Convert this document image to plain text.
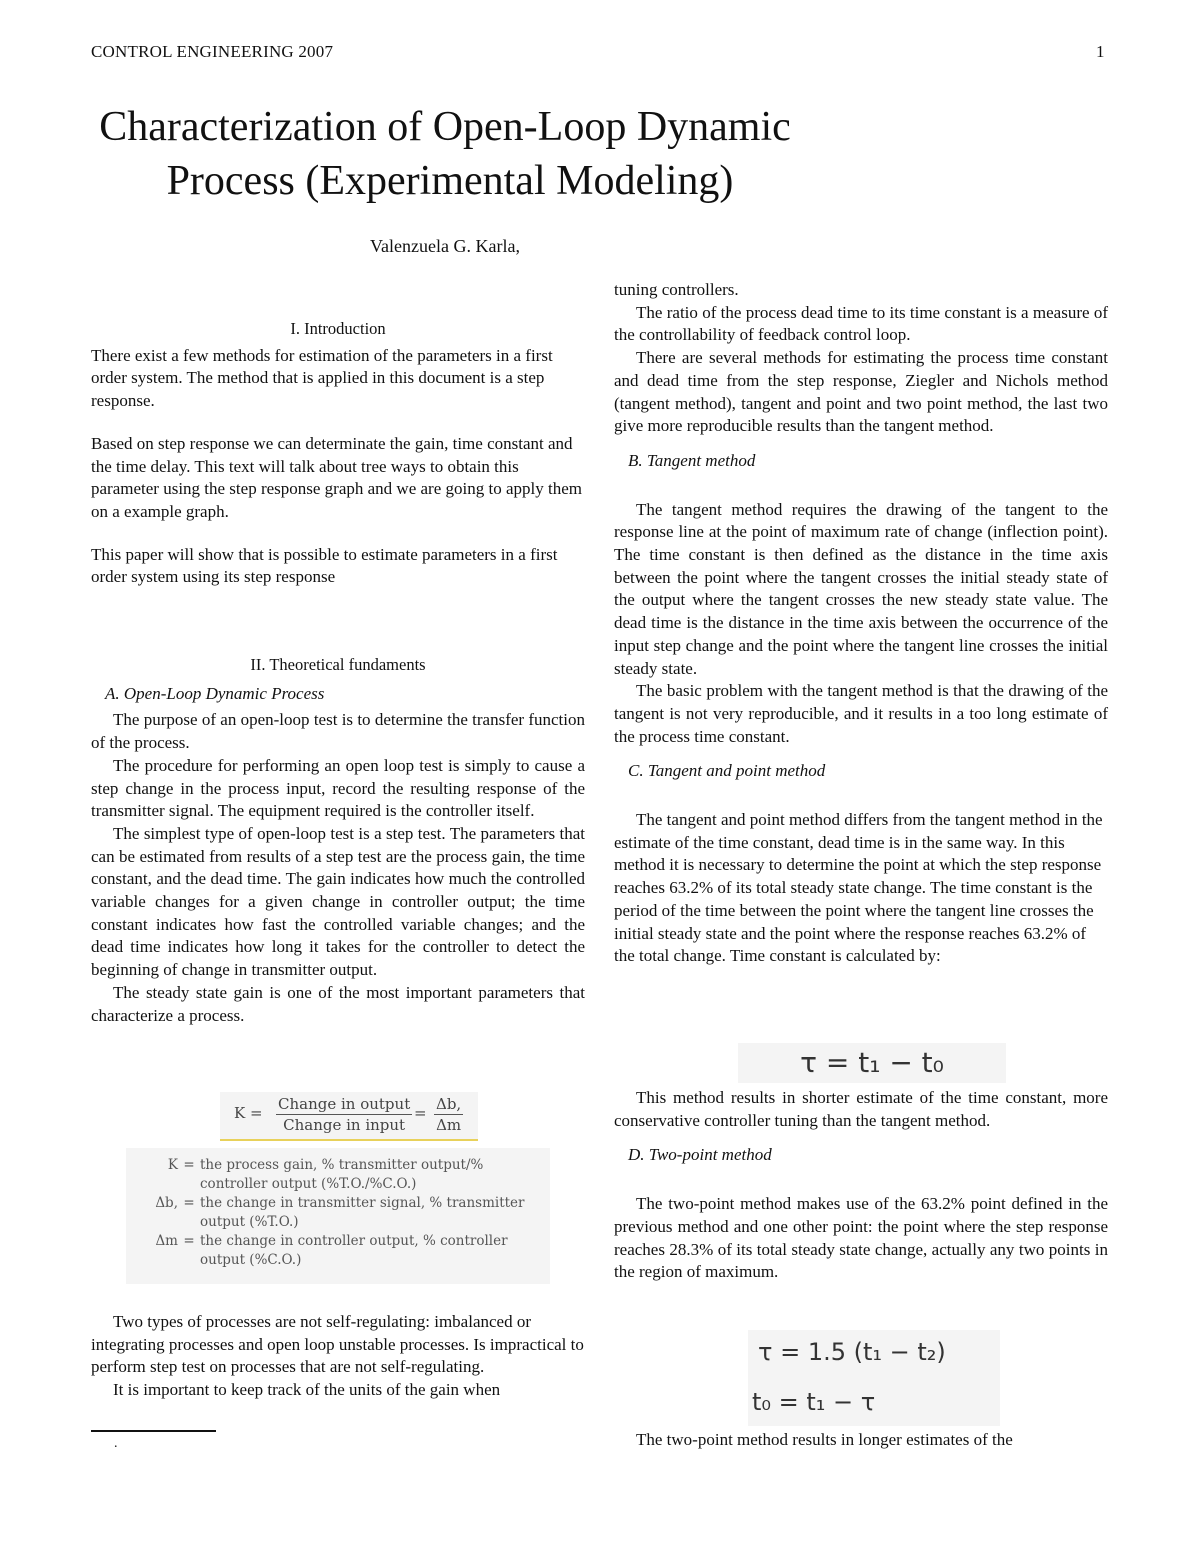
CONTROL ENGINEERING 2007	1
Characterization of Open-Loop Dynamic
Process (Experimental Modeling)
Valenzuela G. Karla,

I. Introduction

There exist a few methods for estimation of the parameters in a first order system. The method that is applied in this document is a step response.

Based on step response we can determinate the gain, time constant and the time delay. This text will talk about tree ways to obtain this parameter using the step response graph and we are going to apply them on a example graph.

This paper will show that is possible to estimate parameters in a first order system using its step response

II. Theoretical fundaments

A. Open-Loop Dynamic Process

The purpose of an open-loop test is to determine the transfer function of the process.

The procedure for performing an open loop test is simply to cause a step change in the process input, record the resulting response of the transmitter signal. The equipment required is the controller itself.

The simplest type of open-loop test is a step test. The parameters that can be estimated from results of a step test are the process gain, the time constant, and the dead time. The gain indicates how much the controlled variable changes for a given change in controller output; the time constant indicates how fast the controlled variable changes; and the dead time indicates how long it takes for the controller to detect the beginning of change in transmitter output.

The steady state gain is one of the most important parameters that characterize a process.

K = Change in output
Change in input
= $\frac{\Delta b,}{\Delta m}$
K = the process gain, % transmitter output/% controller output (%T.O./%C.O.)
Δb, = the change in transmitter signal, % transmitter output (%T.O.)
Δm = the change in controller output, % controller output (%C.O.)

Two types of processes are not self-regulating: imbalanced or integrating processes and open loop unstable processes. Is impractical to perform step test on processes that are not self-regulating.

It is important to keep track of the units of the gain when

.

tuning controllers.

The ratio of the process dead time to its time constant is a measure of the controllability of feedback control loop.

There are several methods for estimating the process time constant and dead time from the step response, Ziegler and Nichols method (tangent method), tangent and point and two point method, the last two give more reproducible results than the tangent method.

B. Tangent method

The tangent method requires the drawing of the tangent to the response line at the point of maximum rate of change (inflection point). The time constant is then defined as the distance in the time axis between the point where the tangent crosses the initial steady state of the output where the tangent crosses the new steady state value. The dead time is the distance in the time axis between the occurrence of the input step change and the point where the tangent line crosses the initial steady state.

The basic problem with the tangent method is that the drawing of the tangent is not very reproducible, and it results in a too long estimate of the process time constant.

C. Tangent and point method

The tangent and point method differs from the tangent method in the estimate of the time constant, dead time is in the same way. In this method it is necessary to determine the point at which the step response reaches 63.2% of its total steady state change. The time constant is the period of the time between the point where the tangent line crosses the initial steady state and the point where the response reaches 63.2% of the total change. Time constant is calculated by:

τ = t₁ − t₀

This method results in shorter estimate of the time constant, more conservative controller tuning than the tangent method.

D. Two-point method

The two-point method makes use of the 63.2% point defined in the previous method and one other point: the point where the step response reaches 28.3% of its total steady state change, actually any two points in the region of maximum.

τ = 1.5 (t₁ − t₂)
t₀ = t₁ − τ

The two-point method results in longer estimates of the
